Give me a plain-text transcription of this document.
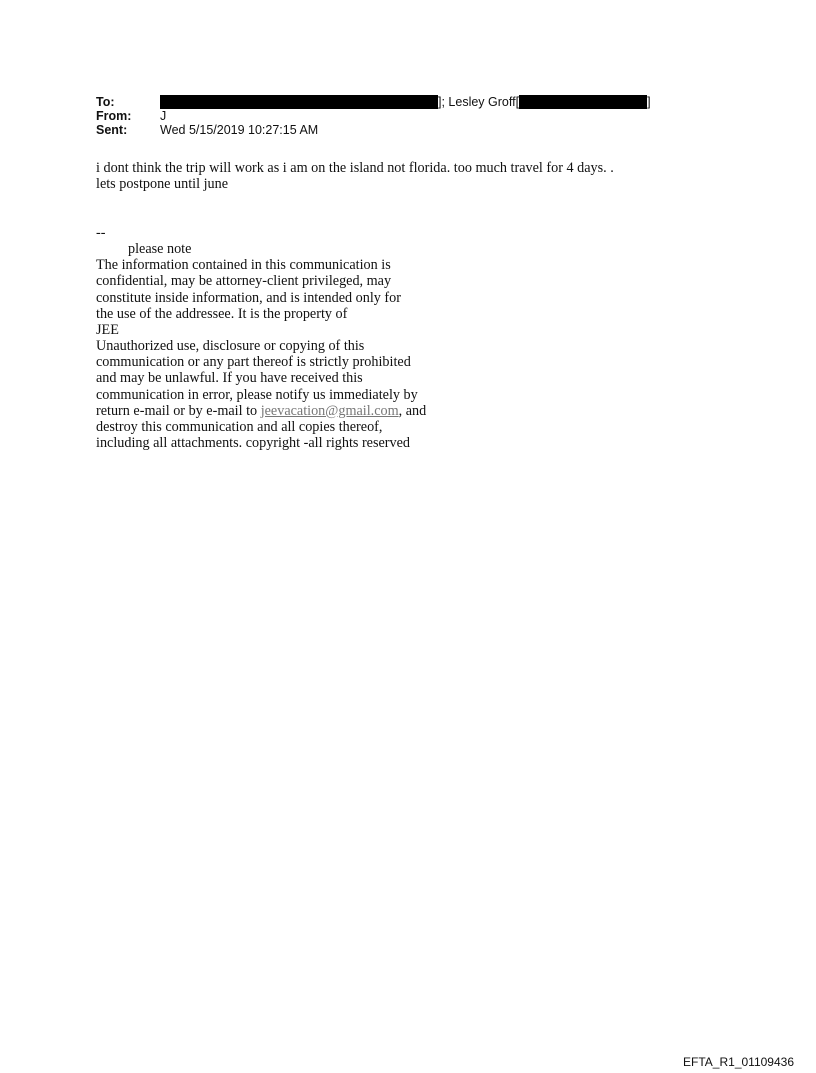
To:	]; Lesley Groff[	]
From: J
Sent:	Wed 5/15/2019 10:27:15 AM
i dont think the trip will work as i am on the island not florida. too much travel for 4 days. .
lets postpone until june
--
please note
The information contained in this communication is
confidential, may be attorney-client privileged, may
constitute inside information, and is intended only for
the use of the addressee. It is the property of
JEE
Unauthorized use, disclosure or copying of this
communication or any part thereof is strictly prohibited
and may be unlawful. If you have received this
communication in error, please notify us immediately by
return e-mail or by e-mail to jeevacation@gmail.com, and
destroy this communication and all copies thereof,
including all attachments. copyright -all rights reserved
EFTA_R1_01109436
